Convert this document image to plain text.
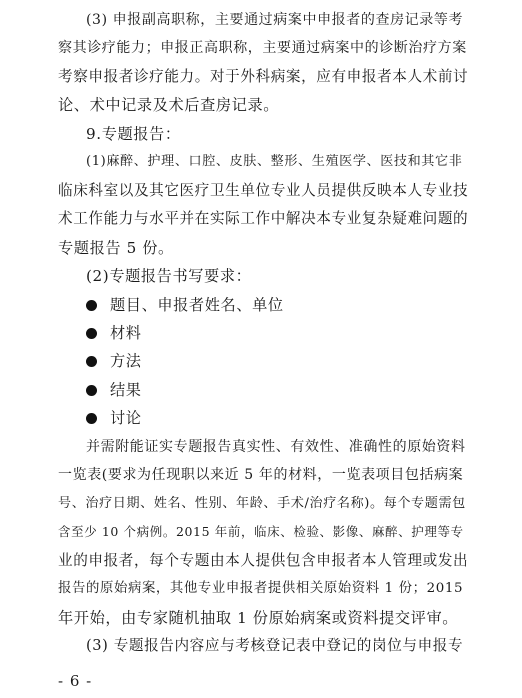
(3) 申报副高职称，主要通过病案中申报者的查房记录等考
察其诊疗能力；申报正高职称，主要通过病案中的诊断治疗方案
考察申报者诊疗能力。对于外科病案，应有申报者本人术前讨
论、术中记录及术后查房记录。
9.专题报告：
(1)麻醉、护理、口腔、皮肤、整形、生殖医学、医技和其它非
临床科室以及其它医疗卫生单位专业人员提供反映本人专业技
术工作能力与水平并在实际工作中解决本专业复杂疑难问题的
专题报告 5 份。
(2)专题报告书写要求：
题目、申报者姓名、单位
材料
方法
结果
讨论
并需附能证实专题报告真实性、有效性、准确性的原始资料
一览表(要求为任现职以来近 5 年的材料，一览表项目包括病案
号、治疗日期、姓名、性别、年龄、手术/治疗名称)。每个专题需包
含至少 10 个病例。2015 年前，临床、检验、影像、麻醉、护理等专
业的申报者，每个专题由本人提供包含申报者本人管理或发出
报告的原始病案，其他专业申报者提供相关原始资料 1 份；2015
年开始，由专家随机抽取 1 份原始病案或资料提交评审。
(3) 专题报告内容应与考核登记表中登记的岗位与申报专
- 6 -
